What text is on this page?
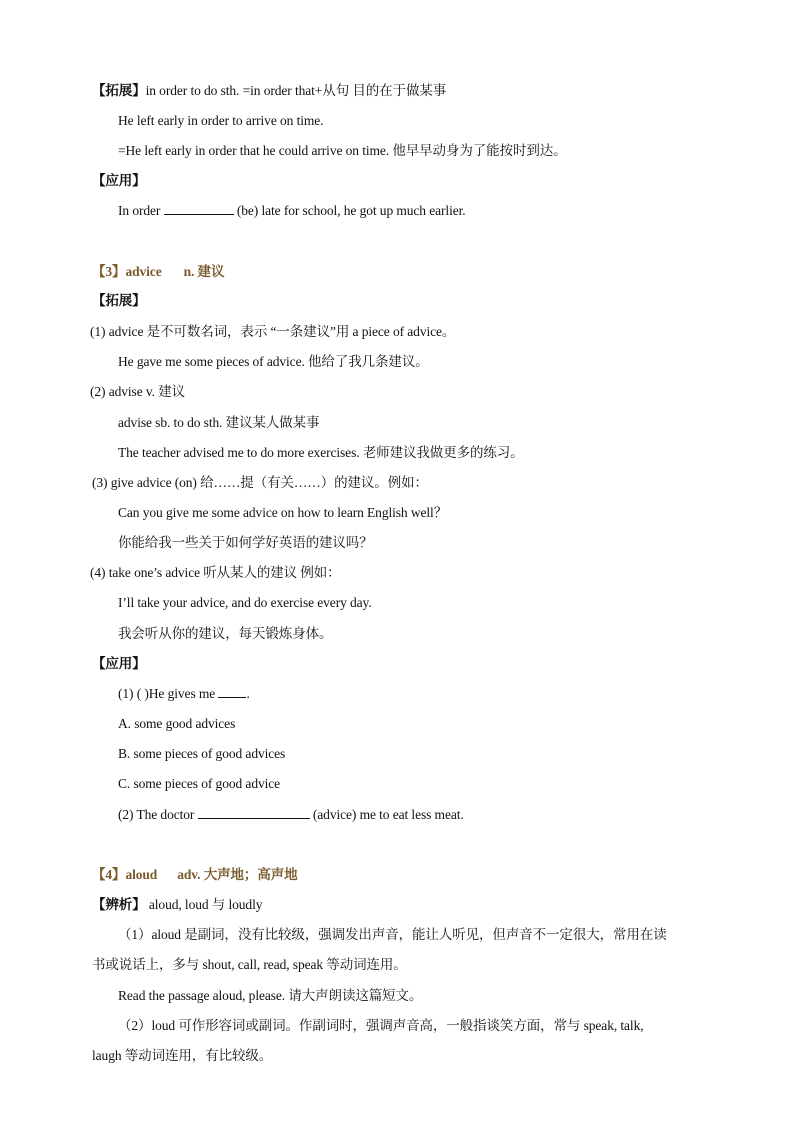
【拓展】in order to do sth. =in order that+从句 目的在于做某事
He left early in order to arrive on time.
=He left early in order that he could arrive on time. 他早早动身为了能按时到达。
【应用】
In order	(be) late for school, he got up much earlier.
【3】advice n. 建议
【拓展】
(1) advice 是不可数名词，表示 “一条建议”用 a piece of advice。
He gave me some pieces of advice. 他给了我几条建议。
(2) advise v. 建议
advise sb. to do sth. 建议某人做某事
The teacher advised me to do more exercises. 老师建议我做更多的练习。
(3) give advice (on) 给……提（有关……）的建议。例如：
Can you give me some advice on how to learn English well？
你能给我一些关于如何学好英语的建议吗？
(4) take one’s advice 听从某人的建议 例如：
I’ll take your advice, and do exercise every day.
我会听从你的建议，每天锻炼身体。
【应用】
(1) ( )He gives me .
A. some good advices
B. some pieces of good advices
C. some pieces of good advice
(2) The doctor	(advice) me to eat less meat.
【4】aloud adv. 大声地；高声地
【辨析】 aloud, loud 与 loudly
（1）aloud 是副词，没有比较级，强调发出声音，能让人听见，但声音不一定很大，常用在读
书或说话上，多与 shout, call, read, speak 等动词连用。
Read the passage aloud, please. 请大声朗读这篇短文。
（2）loud 可作形容词或副词。作副词时，强调声音高，一般指谈笑方面，常与 speak, talk,
laugh 等动词连用，有比较级。
